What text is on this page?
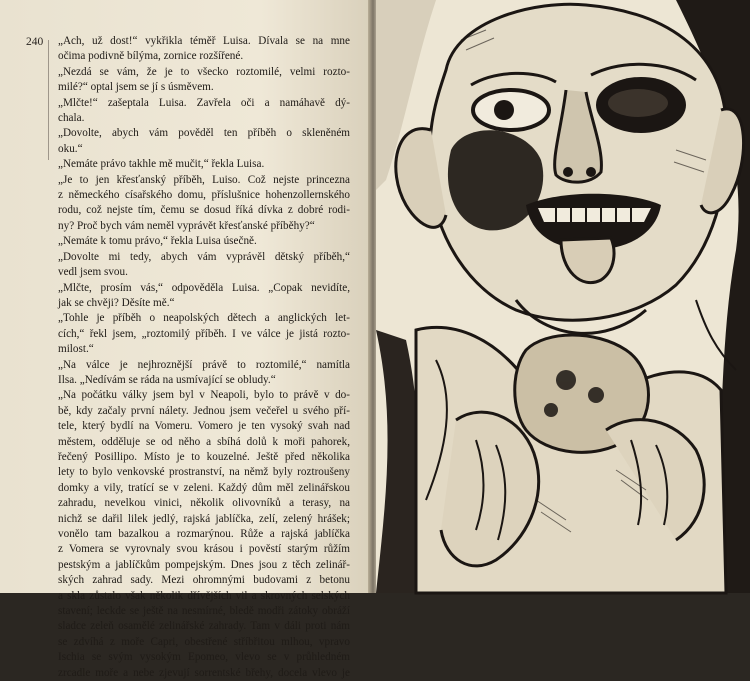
240 „Ach, už dost!“ vykřikla téměř Luisa. Dívala se na mne
očima podivně bílýma, zornice rozšířené.
„Nezdá se vám, že je to všecko roztomilé, velmi rozto-
milé?“ optal jsem se jí s úsměvem.
„Mlčte!“ zašeptala Luisa. Zavřela oči a namáhavě dý-
chala.
„Dovolte, abych vám pověděl ten příběh o skleněném
oku.“
„Nemáte právo takhle mě mučit,“ řekla Luisa.
„Je to jen křesťanský příběh, Luiso. Což nejste princezna
z německého císařského domu, příslušnice hohenzollernského
rodu, což nejste tím, čemu se dosud říká dívka z dobré rodi-
ny? Proč bych vám neměl vyprávět křesťanské příběhy?“
„Nemáte k tomu právo,“ řekla Luisa úsečně.
„Dovolte mi tedy, abych vám vyprávěl dětský příběh,“
vedl jsem svou.
„Mlčte, prosím vás,“ odpověděla Luisa. „Copak nevidíte,
jak se chvěji? Děsíte mě.“
„Tohle je příběh o neapolských dětech a anglických let-
cích,“ řekl jsem, „roztomilý příběh. I ve válce je jistá rozto-
milost.“
„Na válce je nejhroznější právě to roztomilé,“ namítla
Ilsa. „Nedívám se ráda na usmívající se obludy.“
„Na počátku války jsem byl v Neapoli, bylo to právě v do-
bě, kdy začaly první nálety. Jednou jsem večeřel u svého pří-
tele, který bydlí na Vomeru. Vomero je ten vysoký svah nad
městem, odděluje se od něho a sbíhá dolů k moři pahorek,
řečený Posillipo. Místo je to kouzelné. Ještě před několika
lety to bylo venkovské prostranství, na němž byly roztroušeny
domky a vily, tratící se v zeleni. Každý dům měl zelinářskou
zahradu, nevelkou vinici, několik olivovníků a terasy, na
nichž se dařil lilek jedlý, rajská jablíčka, zelí, zelený hrášek;
vonělo tam bazalkou a rozmarýnou. Růže a rajská jablíčka
z Vomera se vyrovnaly svou krásou i pověstí starým růžím
pestským a jablíčkům pompejským. Dnes jsou z těch zelinář-
ských zahrad sady. Mezi ohromnými budovami z betonu
a skla zůstalo však několik dřívějších vil a skrovných selských
stavení; leckde se ještě na nesmírné, bledě modři zátoky obráží
sladce zeleň osamělé zelinářské zahrady. Tam v dáli proti nám
se zdvíhá z moře Capri, obestřené stříbřitou mlhou, vpravo
Ischia se svým vysokým Epomeo, vlevo se v průhledném
zrcadle moře a nebe zjevují sorrentské břehy, docela vlevo je
